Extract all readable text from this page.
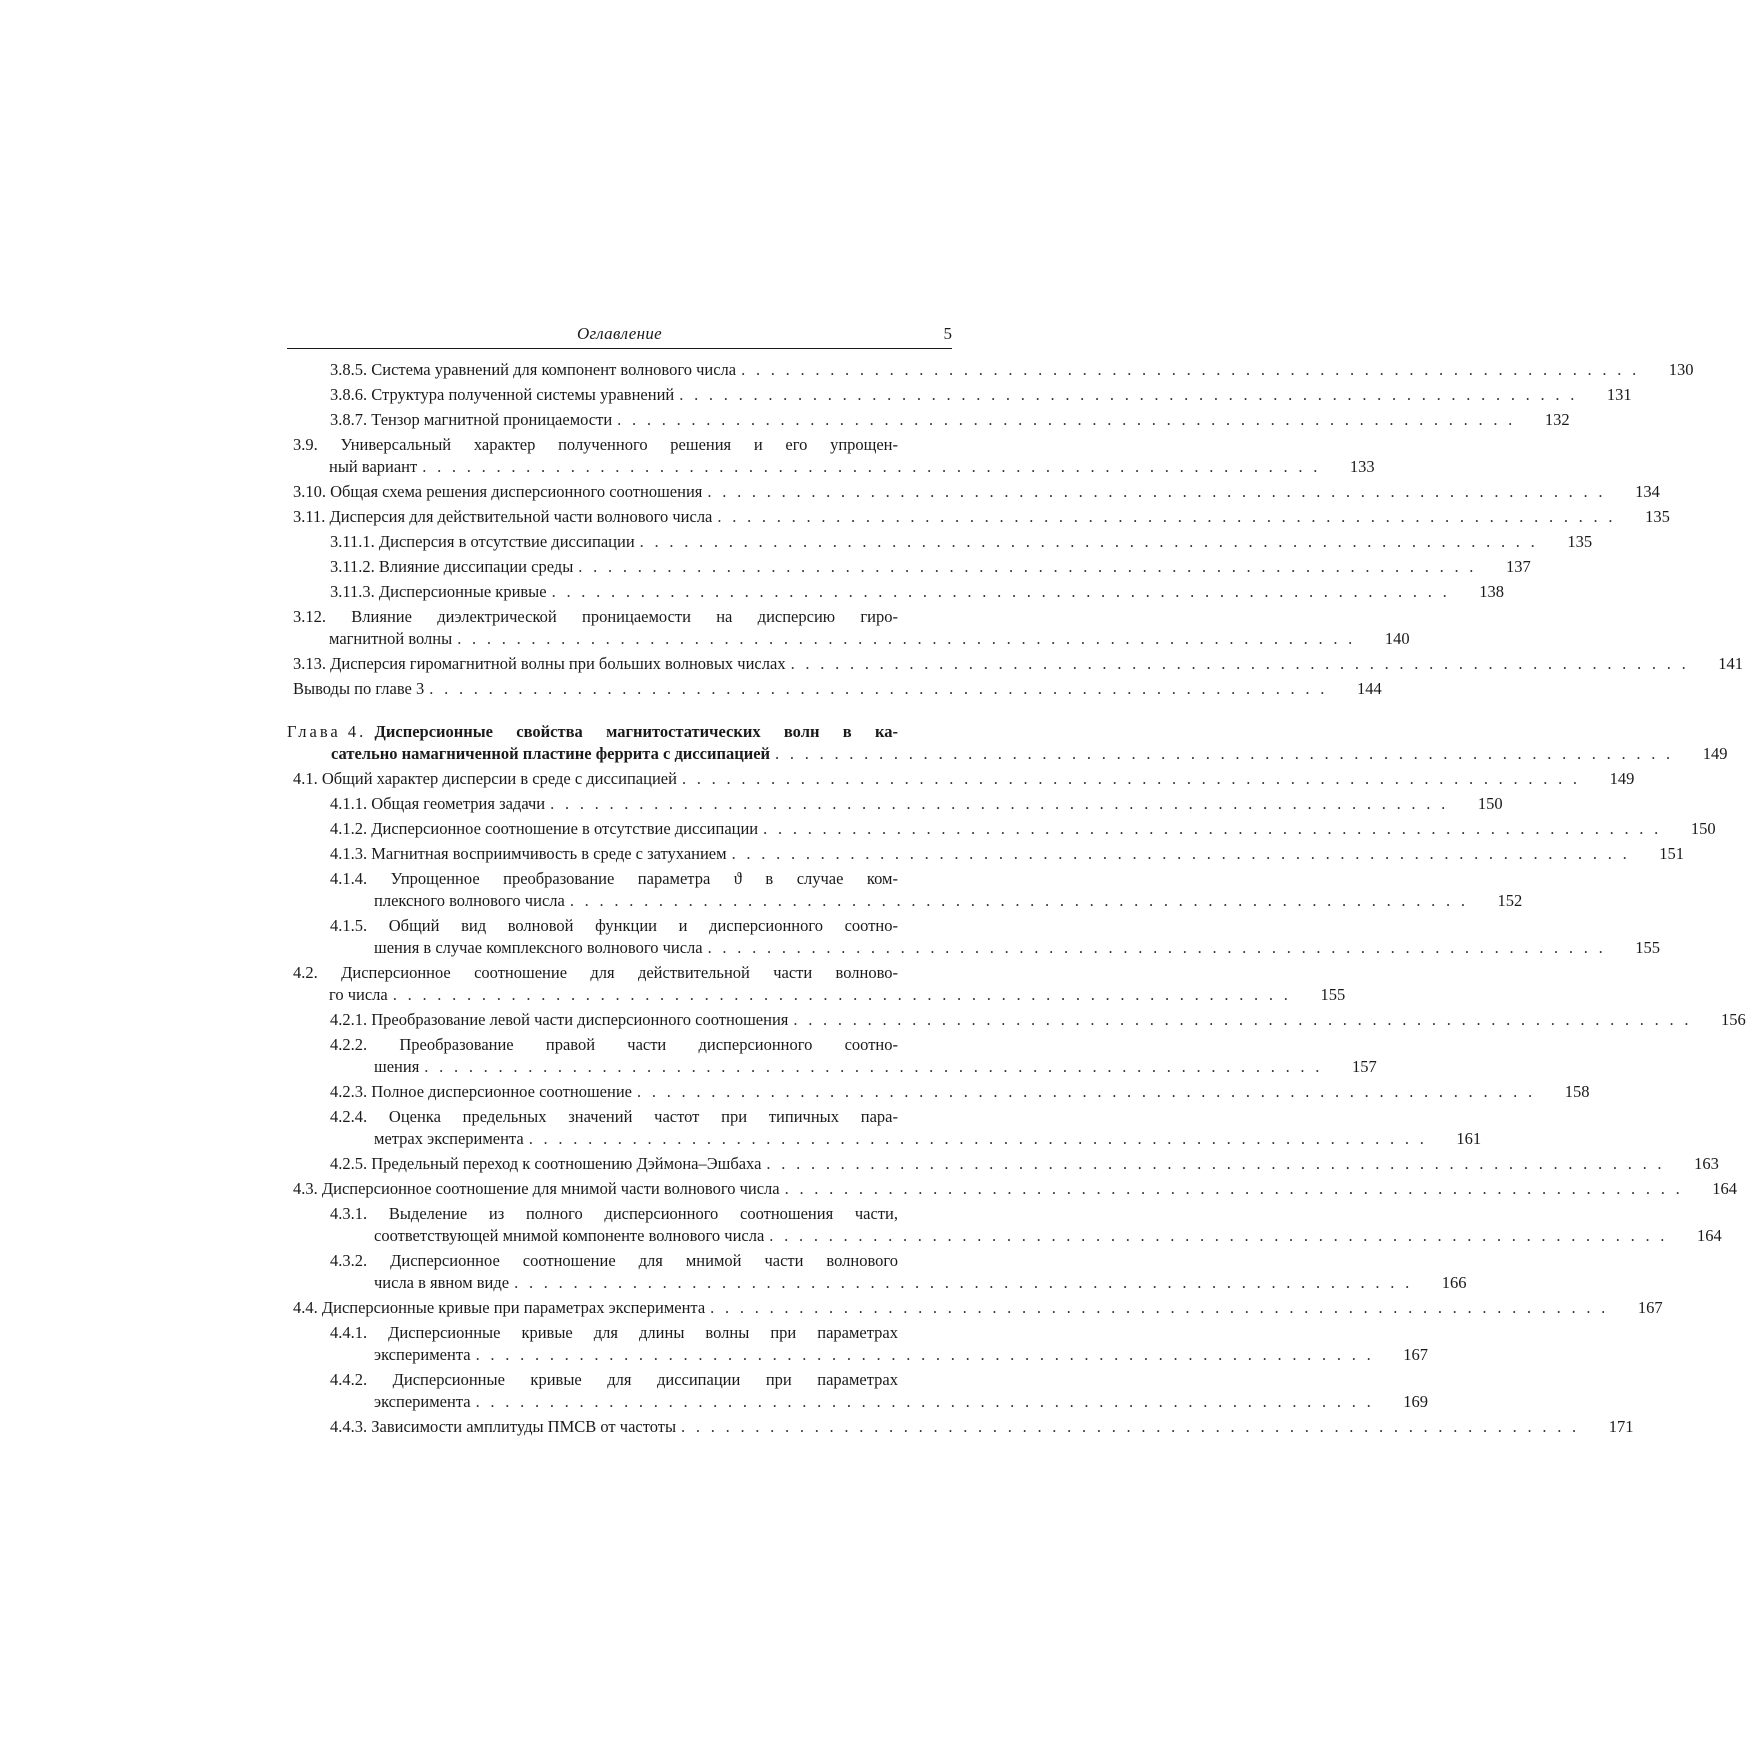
Оглавление	5
3.8.5. Система уравнений для компонент волнового числа . . . . . . . . . . . . . . . . . . . . . . . . . . . . . . . . . . . . . . . . . . . . . . . . . . . . . . . . . . . . .	130
3.8.6. Структура полученной системы уравнений . . . . . . . . . . . . . . . . . . . . . . . . . . . . . . . . . . . . . . . . . . . . . . . . . . . . . . . . . . . . .	131
3.8.7. Тензор магнитной проницаемости . . . . . . . . . . . . . . . . . . . . . . . . . . . . . . . . . . . . . . . . . . . . . . . . . . . . . . . . . . . . .	132
3.9. Универсальный характер полученного решения и его упрощен-
ный вариант . . . . . . . . . . . . . . . . . . . . . . . . . . . . . . . . . . . . . . . . . . . . . . . . . . . . . . . . . . . . .	133
3.10. Общая схема решения дисперсионного соотношения . . . . . . . . . . . . . . . . . . . . . . . . . . . . . . . . . . . . . . . . . . . . . . . . . . . . . . . . . . . . .	134
3.11. Дисперсия для действительной части волнового числа . . . . . . . . . . . . . . . . . . . . . . . . . . . . . . . . . . . . . . . . . . . . . . . . . . . . . . . . . . . . .	135
3.11.1. Дисперсия в отсутствие диссипации . . . . . . . . . . . . . . . . . . . . . . . . . . . . . . . . . . . . . . . . . . . . . . . . . . . . . . . . . . . . .	135
3.11.2. Влияние диссипации среды . . . . . . . . . . . . . . . . . . . . . . . . . . . . . . . . . . . . . . . . . . . . . . . . . . . . . . . . . . . . .	137
3.11.3. Дисперсионные кривые . . . . . . . . . . . . . . . . . . . . . . . . . . . . . . . . . . . . . . . . . . . . . . . . . . . . . . . . . . . . .	138
3.12. Влияние диэлектрической проницаемости на дисперсию гиро-
магнитной волны . . . . . . . . . . . . . . . . . . . . . . . . . . . . . . . . . . . . . . . . . . . . . . . . . . . . . . . . . . . . .	140
3.13. Дисперсия гиромагнитной волны при больших волновых числах . . . . . . . . . . . . . . . . . . . . . . . . . . . . . . . . . . . . . . . . . . . . . . . . . . . . . . . . . . . . .	141
Выводы по главе 3 . . . . . . . . . . . . . . . . . . . . . . . . . . . . . . . . . . . . . . . . . . . . . . . . . . . . . . . . . . . . .	144
Глава 4.
Дисперсионные свойства магнитостатических волн в ка-
сательно намагниченной пластине феррита с диссипацией . . . . . . . . . . . . . . . . . . . . . . . . . . . . . . . . . . . . . . . . . . . . . . . . . . . . . . . . . . . . .	149
4.1. Общий характер дисперсии в среде с диссипацией . . . . . . . . . . . . . . . . . . . . . . . . . . . . . . . . . . . . . . . . . . . . . . . . . . . . . . . . . . . . .	149
4.1.1. Общая геометрия задачи . . . . . . . . . . . . . . . . . . . . . . . . . . . . . . . . . . . . . . . . . . . . . . . . . . . . . . . . . . . . .	150
4.1.2. Дисперсионное соотношение в отсутствие диссипации . . . . . . . . . . . . . . . . . . . . . . . . . . . . . . . . . . . . . . . . . . . . . . . . . . . . . . . . . . . . .	150
4.1.3. Магнитная восприимчивость в среде с затуханием . . . . . . . . . . . . . . . . . . . . . . . . . . . . . . . . . . . . . . . . . . . . . . . . . . . . . . . . . . . . .	151
4.1.4. Упрощенное преобразование параметра ϑ в случае ком-
плексного волнового числа . . . . . . . . . . . . . . . . . . . . . . . . . . . . . . . . . . . . . . . . . . . . . . . . . . . . . . . . . . . . .	152
4.1.5. Общий вид волновой функции и дисперсионного соотно-
шения в случае комплексного волнового числа . . . . . . . . . . . . . . . . . . . . . . . . . . . . . . . . . . . . . . . . . . . . . . . . . . . . . . . . . . . . .	155
4.2. Дисперсионное соотношение для действительной части волново-
го числа . . . . . . . . . . . . . . . . . . . . . . . . . . . . . . . . . . . . . . . . . . . . . . . . . . . . . . . . . . . . .	155
4.2.1. Преобразование левой части дисперсионного соотношения . . . . . . . . . . . . . . . . . . . . . . . . . . . . . . . . . . . . . . . . . . . . . . . . . . . . . . . . . . . . .	156
4.2.2. Преобразование правой части дисперсионного соотно-
шения . . . . . . . . . . . . . . . . . . . . . . . . . . . . . . . . . . . . . . . . . . . . . . . . . . . . . . . . . . . . .	157
4.2.3. Полное дисперсионное соотношение . . . . . . . . . . . . . . . . . . . . . . . . . . . . . . . . . . . . . . . . . . . . . . . . . . . . . . . . . . . . .	158
4.2.4. Оценка предельных значений частот при типичных пара-
метрах эксперимента . . . . . . . . . . . . . . . . . . . . . . . . . . . . . . . . . . . . . . . . . . . . . . . . . . . . . . . . . . . . .	161
4.2.5. Предельный переход к соотношению Дэймона–Эшбаха . . . . . . . . . . . . . . . . . . . . . . . . . . . . . . . . . . . . . . . . . . . . . . . . . . . . . . . . . . . . .	163
4.3. Дисперсионное соотношение для мнимой части волнового числа . . . . . . . . . . . . . . . . . . . . . . . . . . . . . . . . . . . . . . . . . . . . . . . . . . . . . . . . . . . . .	164
4.3.1. Выделение из полного дисперсионного соотношения части,
соответствующей мнимой компоненте волнового числа . . . . . . . . . . . . . . . . . . . . . . . . . . . . . . . . . . . . . . . . . . . . . . . . . . . . . . . . . . . . .	164
4.3.2. Дисперсионное соотношение для мнимой части волнового
числа в явном виде . . . . . . . . . . . . . . . . . . . . . . . . . . . . . . . . . . . . . . . . . . . . . . . . . . . . . . . . . . . . .	166
4.4. Дисперсионные кривые при параметрах эксперимента . . . . . . . . . . . . . . . . . . . . . . . . . . . . . . . . . . . . . . . . . . . . . . . . . . . . . . . . . . . . .	167
4.4.1. Дисперсионные кривые для длины волны при параметрах
эксперимента . . . . . . . . . . . . . . . . . . . . . . . . . . . . . . . . . . . . . . . . . . . . . . . . . . . . . . . . . . . . .	167
4.4.2. Дисперсионные кривые для диссипации при параметрах
эксперимента . . . . . . . . . . . . . . . . . . . . . . . . . . . . . . . . . . . . . . . . . . . . . . . . . . . . . . . . . . . . .	169
4.4.3. Зависимости амплитуды ПМСВ от частоты . . . . . . . . . . . . . . . . . . . . . . . . . . . . . . . . . . . . . . . . . . . . . . . . . . . . . . . . . . . . .	171
